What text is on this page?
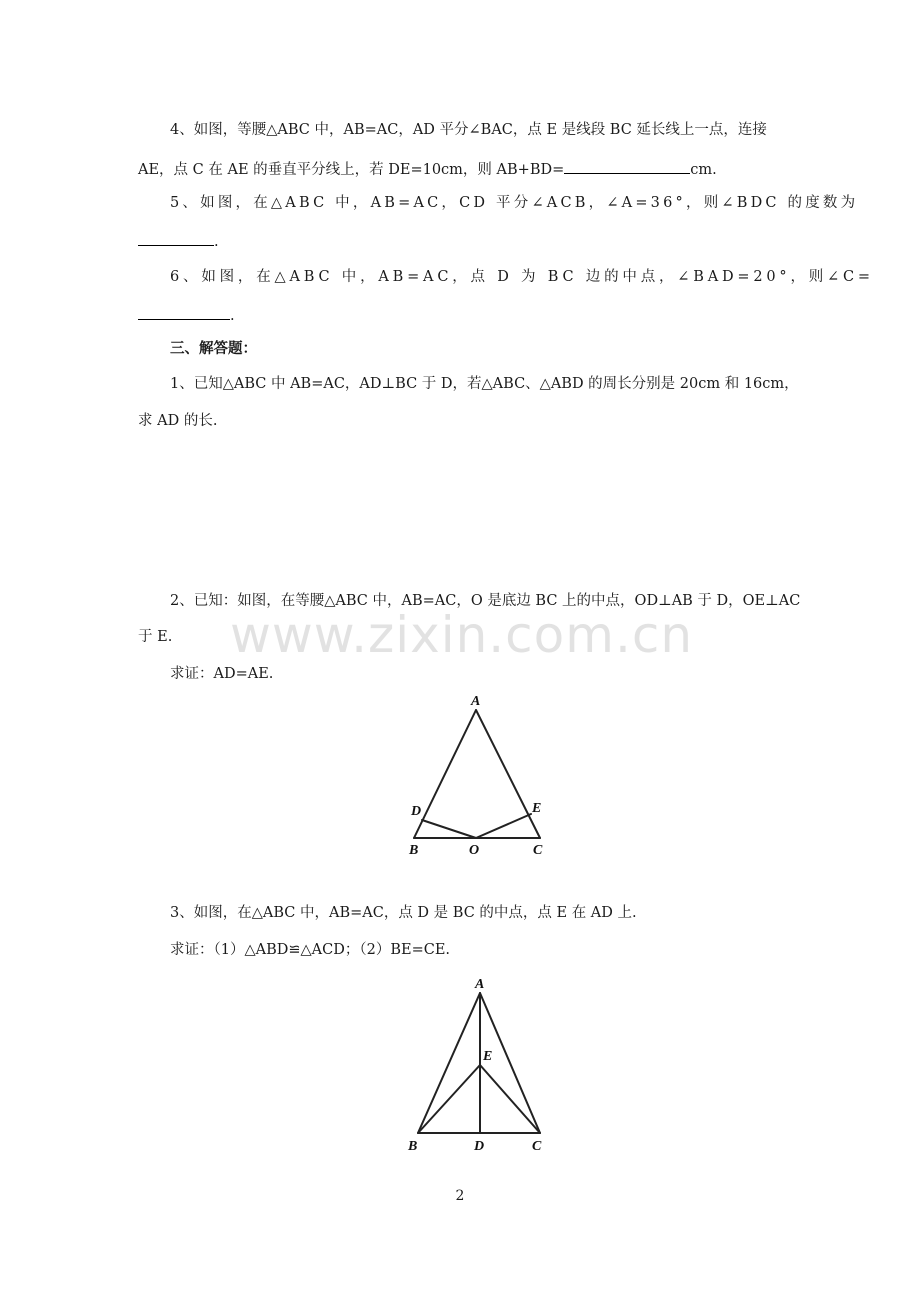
4、如图，等腰△ABC 中，AB=AC，AD 平分∠BAC，点 E 是线段 BC 延长线上一点，连接
AE，点 C 在 AE 的垂直平分线上，若 DE=10cm，则 AB+BD=	cm.
5、如图，在△ABC 中，AB=AC，CD 平分∠ACB，∠A=36°，则∠BDC 的度数为
.
6、如图，在△ABC 中，AB=AC，点 D 为 BC 边的中点，∠BAD=20°，则∠C=
.
三、解答题：
1、已知△ABC 中 AB=AC，AD⊥BC 于 D，若△ABC、△ABD 的周长分别是 20cm 和 16cm，
求 AD 的长.
2、已知：如图，在等腰△ABC 中，AB=AC，O 是底边 BC 上的中点，OD⊥AB 于 D，OE⊥AC
于 E.
求证：AD=AE.
www.zixin.com.cn
A
D	E
B	O	C
3、如图，在△ABC 中，AB=AC，点 D 是 BC 的中点，点 E 在 AD 上.
求证：（1）△ABD≌△ACD；（2）BE=CE.
A
E
B	D	C
2
